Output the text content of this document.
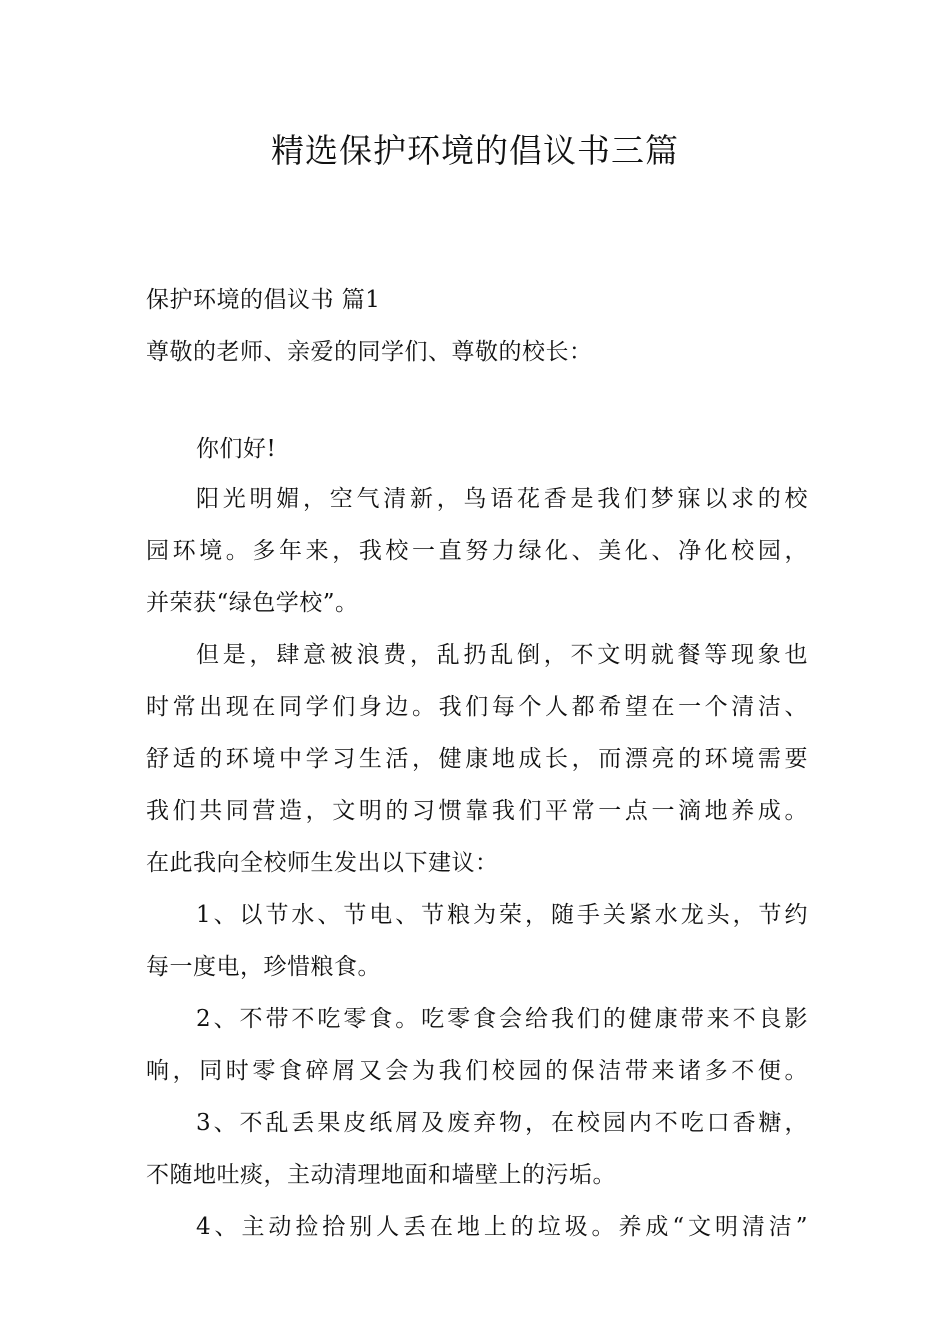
精选保护环境的倡议书三篇
保护环境的倡议书 篇1
尊敬的老师、亲爱的同学们、尊敬的校长：
你们好!
阳光明媚，空气清新，鸟语花香是我们梦寐以求的校
园环境。多年来，我校一直努力绿化、美化、净化校园，
并荣获“绿色学校”。
但是，肆意被浪费，乱扔乱倒，不文明就餐等现象也
时常出现在同学们身边。我们每个人都希望在一个清洁、
舒适的环境中学习生活，健康地成长，而漂亮的环境需要
我们共同营造，文明的习惯靠我们平常一点一滴地养成。
在此我向全校师生发出以下建议：
1、以节水、节电、节粮为荣，随手关紧水龙头，节约
每一度电，珍惜粮食。
2、不带不吃零食。吃零食会给我们的健康带来不良影
响，同时零食碎屑又会为我们校园的保洁带来诸多不便。
3、不乱丢果皮纸屑及废弃物，在校园内不吃口香糖，
不随地吐痰，主动清理地面和墙壁上的污垢。
4、主动捡拾别人丢在地上的垃圾。养成“文明清洁”
